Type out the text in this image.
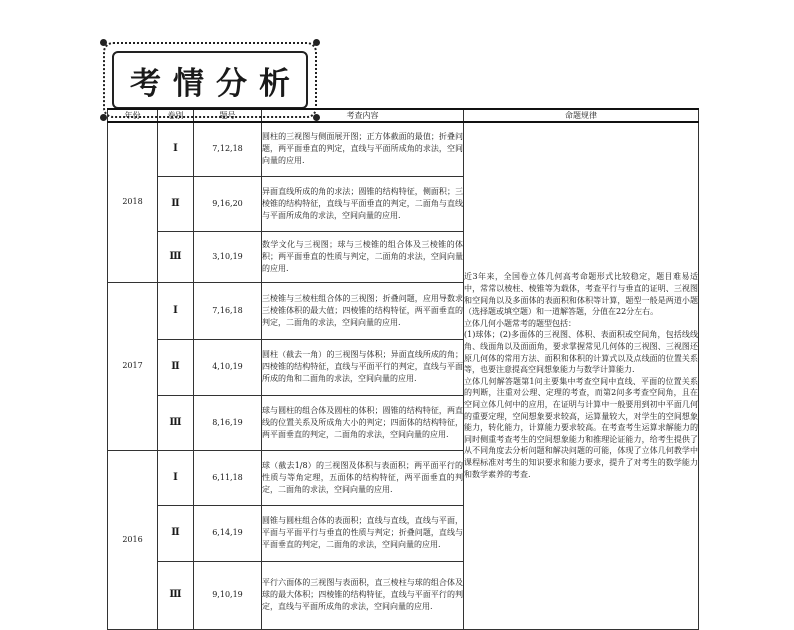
考情分析
年份	卷别	题号	考查内容	命题规律
2018	Ⅰ	7,12,18	圆柱的三视图与侧面展开图；正方体截面的最值；折叠问题，两平面垂直的判定，直线与平面所成角的求法，空间向量的应用.	近3年来，全国卷立体几何高考命题形式比较稳定，题目难易适中，常常以棱柱、棱锥等为载体，考查平行与垂直的证明、三视图和空间角以及多面体的表面积和体积等计算，题型一般是两道小题（选择题或填空题）和一道解答题，分值在22分左右。
立体几何小题常考的题型包括：
(1)球体；(2)多面体的三视图、体积、表面积或空间角，包括线线角、线面角以及面面角，要求掌握常见几何体的三视图、三视图还原几何体的常用方法、面积和体积的计算式以及点线面的位置关系等，也要注意提高空间想象能力与数学计算能力.
立体几何解答题第1问主要集中考查空间中直线、平面的位置关系的判断，注重对公理、定理的考查，而第2问多考查空间角，且在空间立体几何中的应用，在证明与计算中一般要用到初中平面几何的重要定理，空间想象要求较高，运算量较大，对学生的空间想象能力，转化能力，计算能力要求较高。在考查考生运算求解能力的同时侧重考查考生的空间想象能力和推理论证能力，给考生提供了从不同角度去分析问题和解决问题的可能，体现了立体几何教学中课程标准对考生的知识要求和能力要求，提升了对考生的数学能力和数学素养的考查.

	Ⅱ	9,16,20	异面直线所成的角的求法；圆锥的结构特征，侧面积；三棱锥的结构特征，直线与平面垂直的判定，二面角与直线与平面所成角的求法，空间向量的应用.	
	Ⅲ	3,10,19	数学文化与三视图；球与三棱锥的组合体及三棱锥的体积；两平面垂直的性质与判定，二面角的求法，空间向量的应用.	
2017	Ⅰ	7,16,18	三棱锥与三棱柱组合体的三视图；折叠问题，应用导数求三棱锥体积的最大值；四棱锥的结构特征，两平面垂直的判定，二面角的求法，空间向量的应用.	
	Ⅱ	4,10,19	圆柱（截去一角）的三视图与体积；异面直线所成的角；四棱锥的结构特征，直线与平面平行的判定，直线与平面所成的角和二面角的求法，空间向量的应用.	
	Ⅲ	8,16,19	球与圆柱的组合体及圆柱的体积；圆锥的结构特征，两直线的位置关系及所成角大小的判定；四面体的结构特征，两平面垂直的判定，二面角的求法，空间向量的应用.	
2016	Ⅰ	6,11,18	球（截去1/8）的三视图及体积与表面积；两平面平行的性质与等角定理，五面体的结构特征，两平面垂直的判定，二面角的求法，空间向量的应用.	
	Ⅱ	6,14,19	圆锥与圆柱组合体的表面积；直线与直线，直线与平面，平面与平面平行与垂直的性质与判定；折叠问题，直线与平面垂直的判定，二面角的求法，空间向量的应用.	
	Ⅲ	9,10,19	平行六面体的三视图与表面积，直三棱柱与球的组合体及球的最大体积；四棱锥的结构特征，直线与平面平行的判定，直线与平面所成角的求法，空间向量的应用.	
